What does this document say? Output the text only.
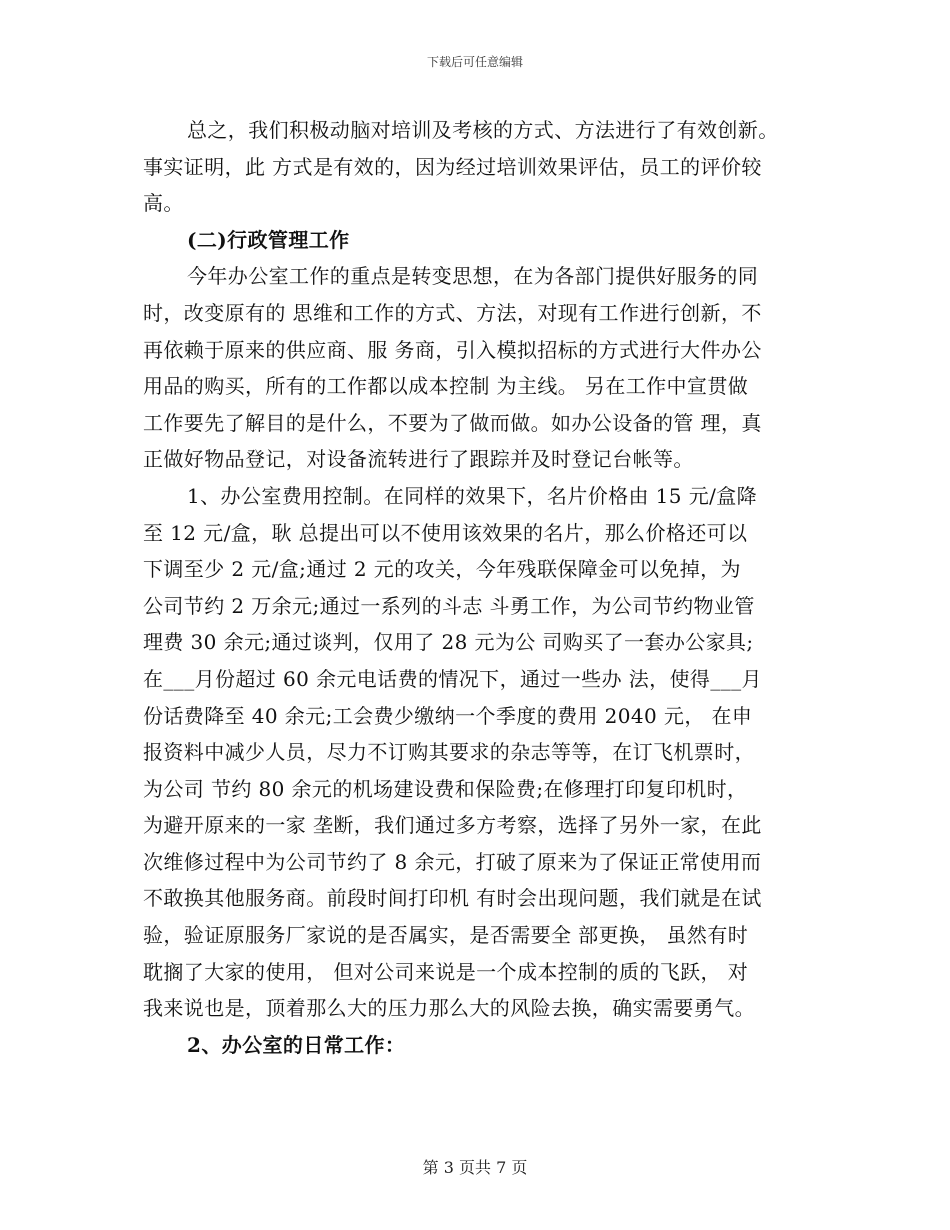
下载后可任意编辑
总之，我们积极动脑对培训及考核的方式、方法进行了有效创新。
事实证明，此 方式是有效的，因为经过培训效果评估，员工的评价较
高。
(二)行政管理工作
今年办公室工作的重点是转变思想，在为各部门提供好服务的同
时，改变原有的 思维和工作的方式、方法，对现有工作进行创新，不
再依赖于原来的供应商、服 务商，引入模拟招标的方式进行大件办公
用品的购买，所有的工作都以成本控制 为主线。 另在工作中宣贯做
工作要先了解目的是什么，不要为了做而做。如办公设备的管 理，真
正做好物品登记，对设备流转进行了跟踪并及时登记台帐等。
1、办公室费用控制。在同样的效果下，名片价格由 15 元/盒降
至 12 元/盒，耿 总提出可以不使用该效果的名片，那么价格还可以
下调至少 2 元/盒;通过 2 元的攻关，今年残联保障金可以免掉，为
公司节约 2 万余元;通过一系列的斗志 斗勇工作，为公司节约物业管
理费 30 余元;通过谈判，仅用了 28 元为公 司购买了一套办公家具;
在___月份超过 60 余元电话费的情况下，通过一些办 法，使得___月
份话费降至 40 余元;工会费少缴纳一个季度的费用 2040 元， 在申
报资料中减少人员，尽力不订购其要求的杂志等等，在订飞机票时，
为公司 节约 80 余元的机场建设费和保险费;在修理打印复印机时，
为避开原来的一家 垄断，我们通过多方考察，选择了另外一家，在此
次维修过程中为公司节约了 8 余元，打破了原来为了保证正常使用而
不敢换其他服务商。前段时间打印机 有时会出现问题，我们就是在试
验，验证原服务厂家说的是否属实，是否需要全 部更换， 虽然有时
耽搁了大家的使用， 但对公司来说是一个成本控制的质的飞跃， 对
我来说也是，顶着那么大的压力那么大的风险去换，确实需要勇气。
2、办公室的日常工作：
第 3 页共 7 页
